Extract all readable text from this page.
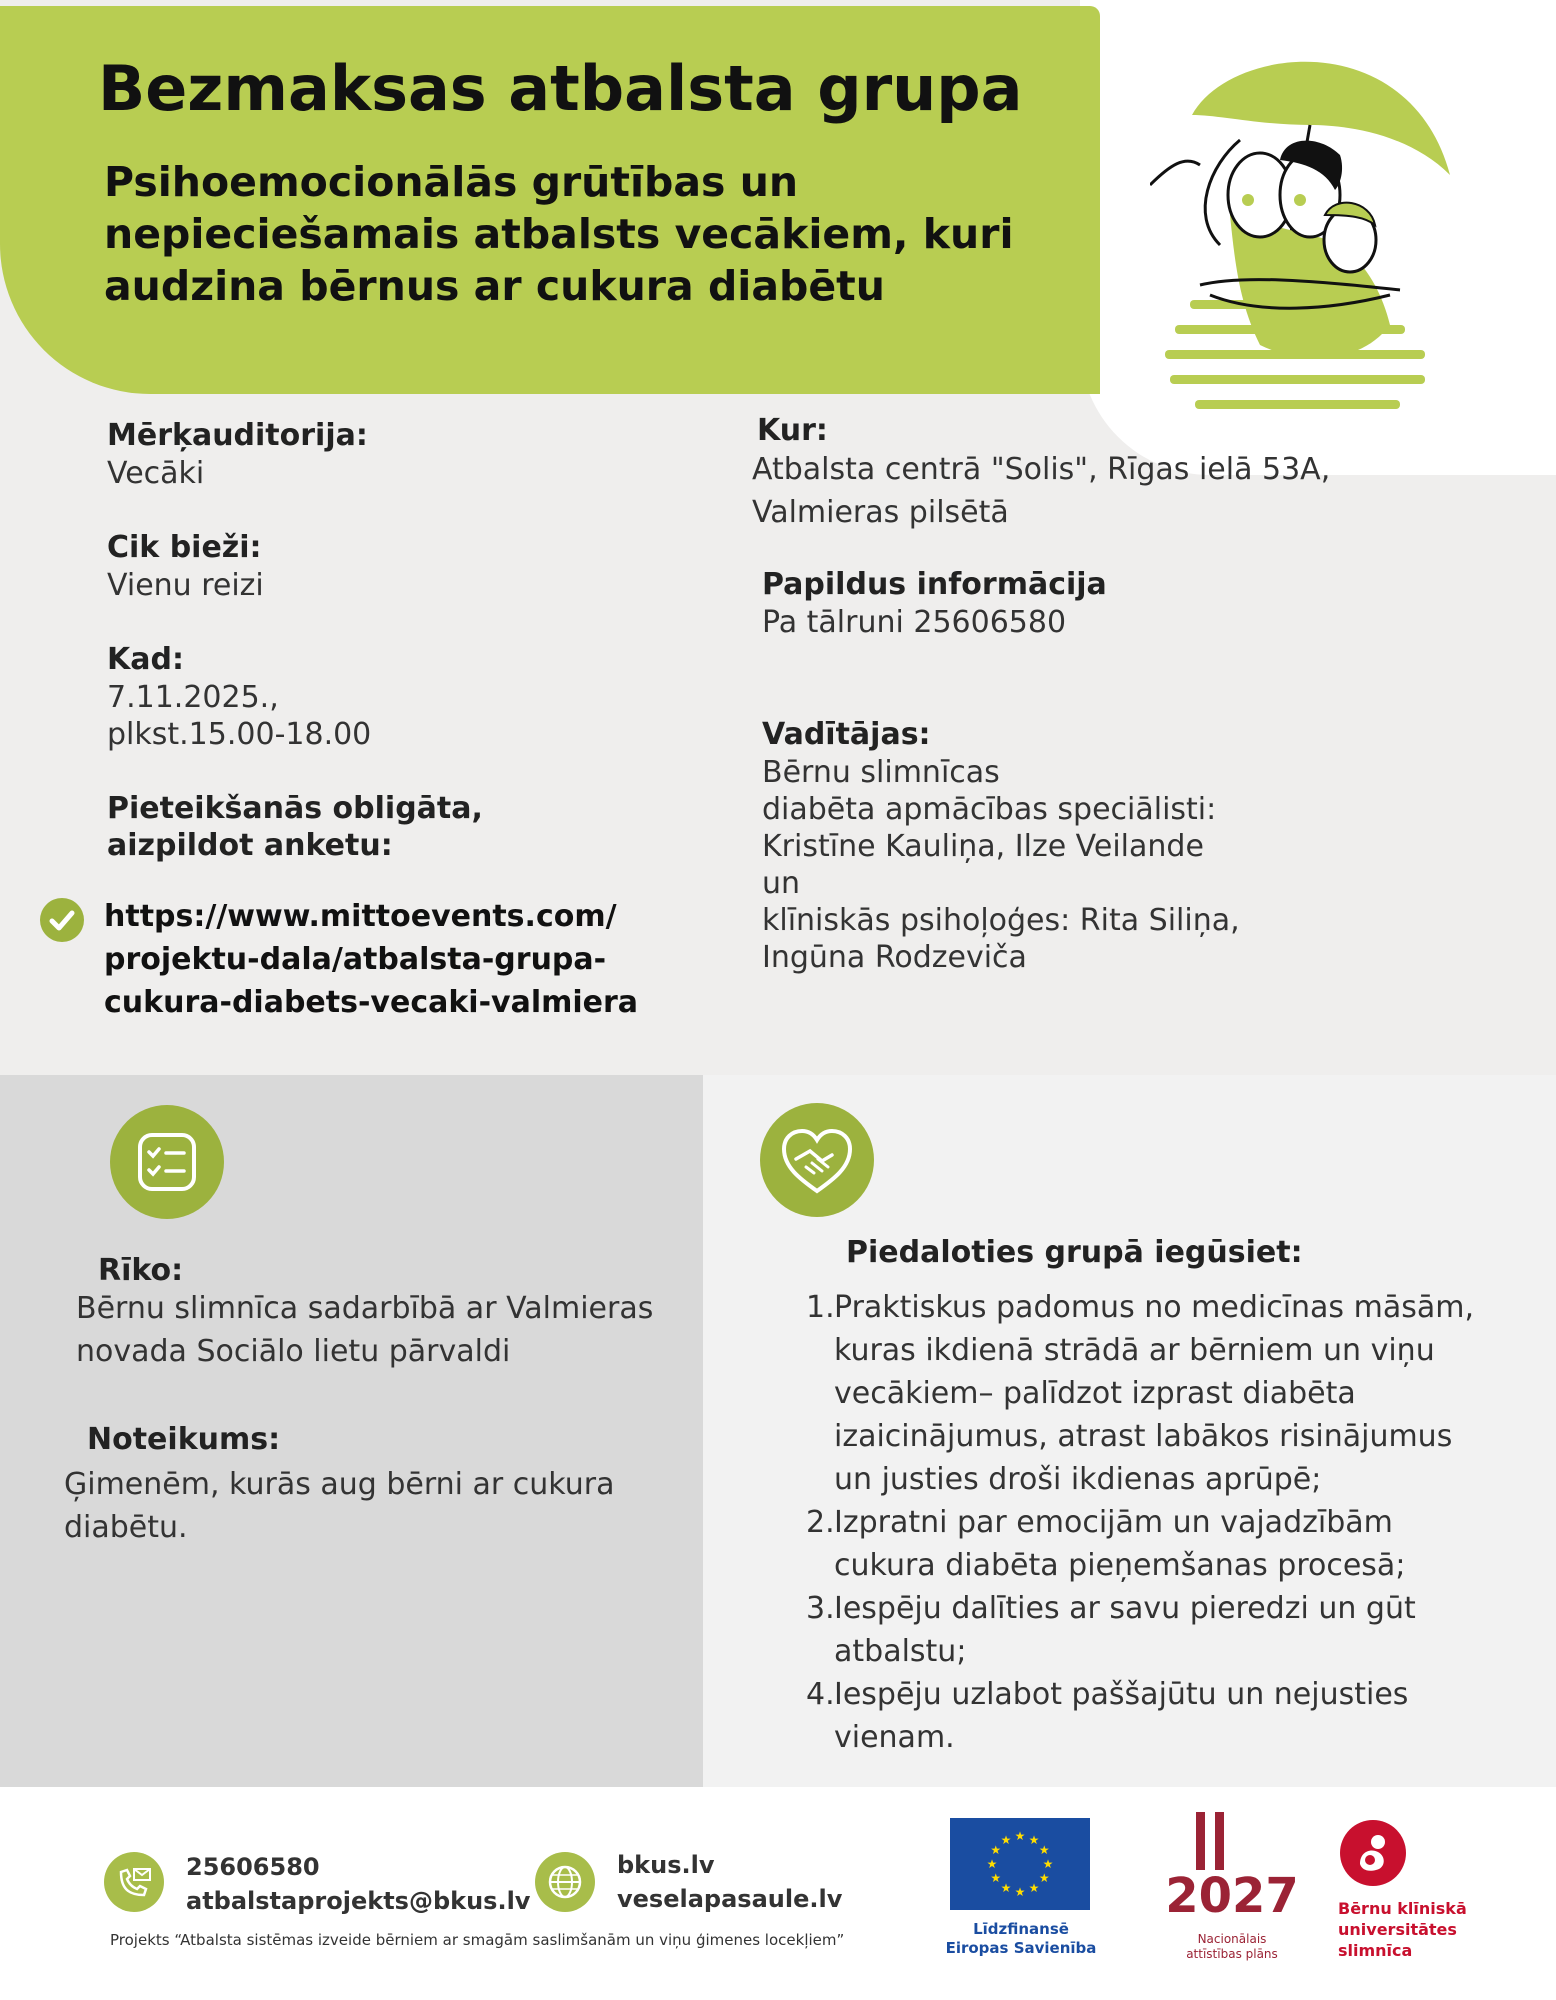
Bezmaksas atbalsta grupa
Psihoemocionālās grūtības un
nepieciešamais atbalsts vecākiem, kuri
audzina bērnus ar cukura diabētu
Mērķauditorija:
Vecāki
Cik bieži:
Vienu reizi
Kad:
7.11.2025.,
plkst.15.00-18.00
Pieteikšanās obligāta,
aizpildot anketu:
https://www.mittoevents.com/
projektu-dala/atbalsta-grupa-
cukura-diabets-vecaki-valmiera
Kur:
Atbalsta centrā "Solis", Rīgas ielā 53A,
Valmieras pilsētā
Papildus informācija
Pa tālruni 25606580
Vadītājas:
Bērnu slimnīcas
diabēta apmācības speciālisti:
Kristīne Kauliņa, Ilze Veilande
un
klīniskās psihoļoģes: Rita Siliņa,
Ingūna Rodzeviča
Rīko:
Bērnu slimnīca sadarbībā ar Valmieras
novada Sociālo lietu pārvaldi
Noteikums:
Ģimenēm, kurās aug bērni ar cukura
diabētu.
Piedaloties grupā iegūsiet:
1. Praktiskus padomus no medicīnas māsām,
kuras ikdienā strādā ar bērniem un viņu
vecākiem– palīdzot izprast diabēta
izaicinājumus, atrast labākos risinājumus
un justies droši ikdienas aprūpē;
2. Izpratni par emocijām un vajadzībām
cukura diabēta pieņemšanas procesā;
3. Iespēju dalīties ar savu pieredzi un gūt
atbalstu;
4. Iespēju uzlabot paššajūtu un nejusties
vienam.
25606580
atbalstaprojekts@bkus.lv
bkus.lv
veselapasaule.lv
Projekts “Atbalsta sistēmas izveide bērniem ar smagām saslimšanām un viņu ģimenes locekļiem”
★ ★
★
★
★
★
★
★
★
★
★
★
Līdzfinansē
Eiropas Savienība
2027
Nacionālais
attīstības plāns
Bērnu klīniskā
universitātes
slimnīca
